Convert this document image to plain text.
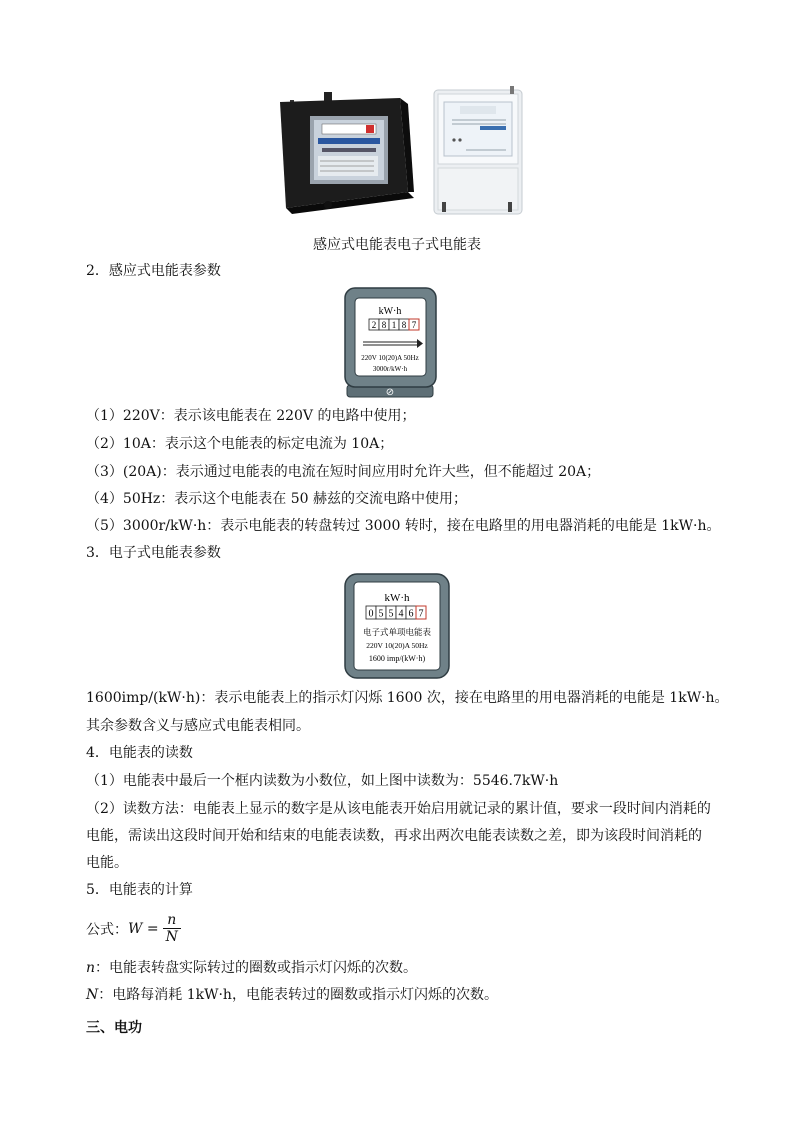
感应式电能表电子式电能表
2．感应式电能表参数
⊘
kW·h
2 8 1 8 7
220V 10(20)A 50Hz
3000r/kW·h
（1）220V：表示该电能表在 220V 的电路中使用；
（2）10A：表示这个电能表的标定电流为 10A；
（3）(20A)：表示通过电能表的电流在短时间应用时允许大些，但不能超过 20A；
（4）50Hz：表示这个电能表在 50 赫兹的交流电路中使用；
（5）3000r/kW·h：表示电能表的转盘转过 3000 转时，接在电路里的用电器消耗的电能是 1kW·h。
3．电子式电能表参数
kW·h
0 5 5 4 6 7
电子式单项电能表
220V 10(20)A 50Hz
1600 imp/(kW·h)
1600imp/(kW·h)：表示电能表上的指示灯闪烁 1600 次，接在电路里的用电器消耗的电能是 1kW·h。
其余参数含义与感应式电能表相同。
4．电能表的读数
（1）电能表中最后一个框内读数为小数位，如上图中读数为：5546.7kW·h
（2）读数方法：电能表上显示的数字是从该电能表开始启用就记录的累计值，要求一段时间内消耗的
电能，需读出这段时间开始和结束的电能表读数，再求出两次电能表读数之差，即为该段时间消耗的
电能。
5．电能表的计算
公式： $W = \frac{n}{N}$
n：电能表转盘实际转过的圈数或指示灯闪烁的次数。
N：电路每消耗 1kW·h，电能表转过的圈数或指示灯闪烁的次数。
三、电功
